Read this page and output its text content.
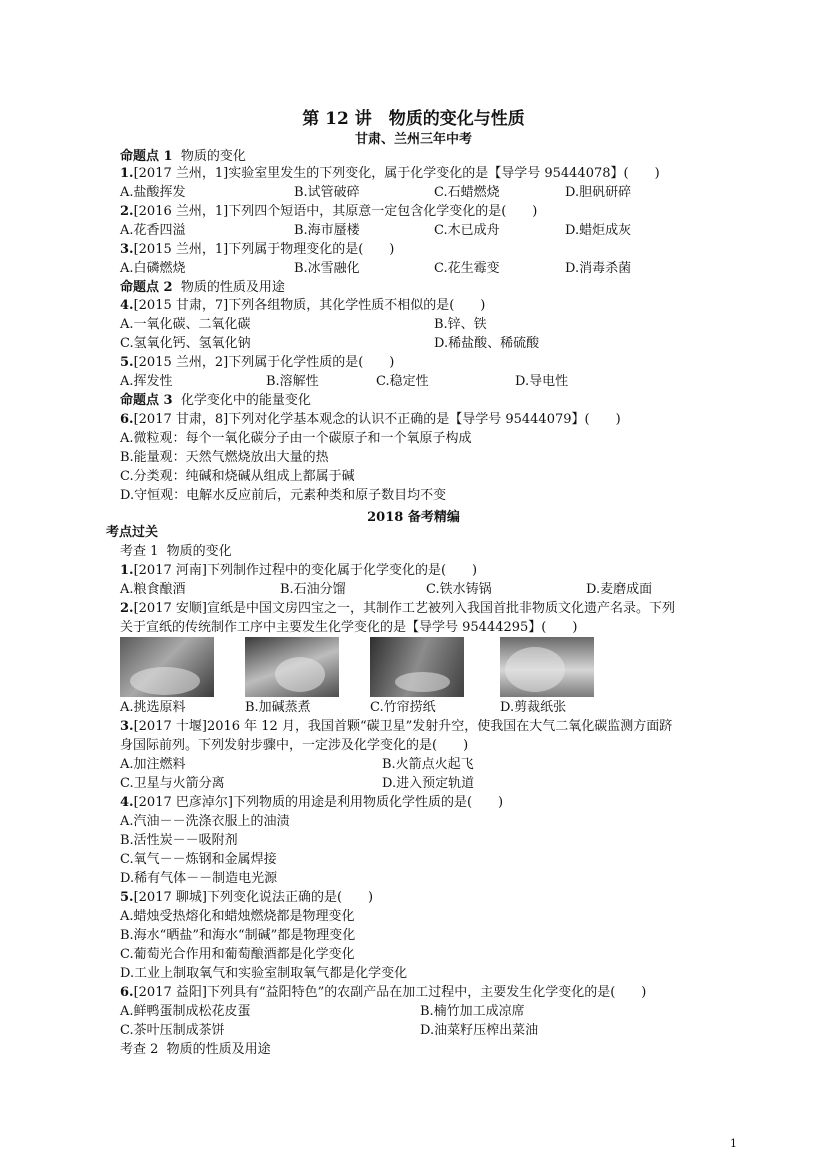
第 12 讲　物质的变化与性质
甘肃、兰州三年中考
命题点 1 物质的变化
1.[2017 兰州，1]实验室里发生的下列变化，属于化学变化的是【导学号 95444078】(　　)
A.盐酸挥发	B.试管破碎	C.石蜡燃烧	D.胆矾研碎
2.[2016 兰州，1]下列四个短语中，其原意一定包含化学变化的是(　　)
A.花香四溢	B.海市蜃楼	C.木已成舟	D.蜡炬成灰
3.[2015 兰州，1]下列属于物理变化的是(　　)
A.白磷燃烧	B.冰雪融化	C.花生霉变	D.消毒杀菌
命题点 2 物质的性质及用途
4.[2015 甘肃，7]下列各组物质，其化学性质不相似的是(　　)
A.一氧化碳、二氧化碳	B.锌、铁
C.氢氧化钙、氢氧化钠	D.稀盐酸、稀硫酸
5.[2015 兰州，2]下列属于化学性质的是(　　)
A.挥发性	B.溶解性	C.稳定性	D.导电性
命题点 3 化学变化中的能量变化
6.[2017 甘肃，8]下列对化学基本观念的认识不正确的是【导学号 95444079】(　　)
A.微粒观：每个一氧化碳分子由一个碳原子和一个氧原子构成
B.能量观：天然气燃烧放出大量的热
C.分类观：纯碱和烧碱从组成上都属于碱
D.守恒观：电解水反应前后，元素种类和原子数目均不变
2018 备考精编
考点过关
考查 1 物质的变化
1.[2017 河南]下列制作过程中的变化属于化学变化的是(　　)
A.粮食酿酒	B.石油分馏	C.铁水铸锅	D.麦磨成面
2.[2017 安顺]宣纸是中国文房四宝之一，其制作工艺被列入我国首批非物质文化遗产名录。下列
关于宣纸的传统制作工序中主要发生化学变化的是【导学号 95444295】(　　)
A.挑选原料	B.加碱蒸煮	C.竹帘捞纸	D.剪裁纸张
3.[2017 十堰]2016 年 12 月，我国首颗“碳卫星”发射升空，使我国在大气二氧化碳监测方面跻
身国际前列。下列发射步骤中，一定涉及化学变化的是(　　)
A.加注燃料	B.火箭点火起飞
C.卫星与火箭分离	D.进入预定轨道
4.[2017 巴彦淖尔]下列物质的用途是利用物质化学性质的是(　　)
A.汽油－－洗涤衣服上的油渍
B.活性炭－－吸附剂
C.氧气－－炼钢和金属焊接
D.稀有气体－－制造电光源
5.[2017 聊城]下列变化说法正确的是(　　)
A.蜡烛受热熔化和蜡烛燃烧都是物理变化
B.海水“晒盐”和海水“制碱”都是物理变化
C.葡萄光合作用和葡萄酿酒都是化学变化
D.工业上制取氧气和实验室制取氧气都是化学变化
6.[2017 益阳]下列具有“益阳特色”的农副产品在加工过程中，主要发生化学变化的是(　　)
A.鲜鸭蛋制成松花皮蛋	B.楠竹加工成凉席
C.茶叶压制成茶饼	D.油菜籽压榨出菜油
考查 2 物质的性质及用途
1
